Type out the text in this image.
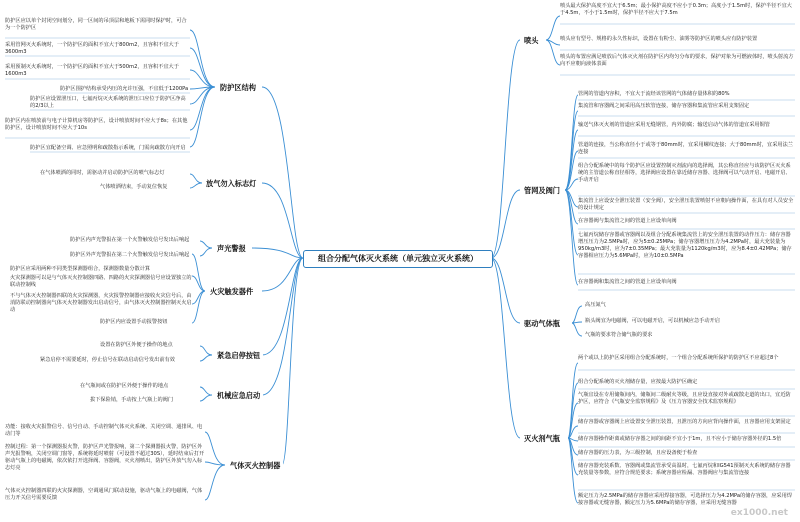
组合分配气体灭火系统（单元独立灭火系统）
防护区结构
防护区应以单个封闭空间划分，同一区间的吊顶层和地板下需同时保护时，可合为一个防护区
采用管网灭火系统时，一个防护区的面积不宜大于800m2，且容积不宜大于3600m3
采用预制灭火系统时，一个防护区的面积不宜大于500m2，且容积不宜大于1600m3
防护区围护结构承受内压的允许压强，不宜低于1200Pa
防护区应设置泄压口，七氟丙烷灭火系统的泄压口应位于防护区净高的2/3以上
防护区内在喷放前与电子计算机房等防护区，设计喷放时间不应大于8s；在其他防护区，设计喷放时间不应大于10s
防护区宜配备空调、应急照明和疏散指示系统，门需向疏散方向开启
放气勿入标志灯
在气体喷洒的同时，需驱动并启动防护区的喷气标志灯
气体喷洒结束，手动复位恢复
声光警报
防护区内声光警报在第一个火警触发信号发出后响起
防护区外声光警报在第二个火警触发信号发出后响起
火灾触发器件
防护区应采用两种不同类型探测器组合，探测器数量分散计算
火灾探测器可以是与气体灭火控制器四路、四路的火灾探测器信号应设置独立的联动控制线
不与气体灭火控制器四联的火灾探测器，火灾报警控制器应接收火灾信号后，由消防联动控制器向气体灭火控制器发出启动信号，由气体灭火控制器控制灭火启动
防护区内应设置手动报警按钮
紧急启停按钮
设置在防护区外便于操作的地点
紧急启停不需要延时，停止信号在联动启动信号发出前有效
机械应急启动
在气瓶间或在防护区外便于操作的地点
拔下保险销，手动按上气瓶上的阀门
气体灭火控制器
功能：接收火灾报警信号、信号自动、手动控制气体灭火系统、关闭空调、通排风、电动门等
控制过程：第一个探测器报火警，防护区声光警报响，第二个探测器报火警，防护区外声光报警响，关闭空调门窗等，系统将延时喷射（可设置不超过30S），延时结束后打开驱动气瓶上的电磁阀，依次依打开选择阀、容器阀，灭火剂喷出，防护区外放气勿入标志灯亮
气体灭火控制器四联的火灾探测器，空调通风门联动设施，驱动气瓶上的电磁阀，气体压力开关信号需要反馈
喷头
喷头最大保护高度不宜大于6.5m；最小保护高度不应小于0.3m；高度小于1.5m时，保护半径不宜大于4.5m，不小于1.5m时，保护半径不应大于7.5m
喷头应有型号、规格的永久性标识，设置在有粉尘、油雾等防护区的喷头应有防护装置
喷头的布置应满足喷放后气体灭火剂在防护区内均匀分布的要求，保护对象为可燃液体时，喷头射流方向不应朝向液体表面
管网及阀门
管网的管道内容积，不宜大于流经该管网的气体储存量体积的80%
集流管和容器阀之间采用高压软管连接，储存容器和集流管应采用支架固定
输送气体灭火剂的管道应采用无缝钢管，内外防腐；输送启动气体的管道宜采用铜管
管道的连接，当公称直径小于或等于80mm时，宜采用螺纹连接；大于80mm时，宜采用法兰连接
组合分配系统中的每个防护区应设置控制灭剂流向的选择阀，其公称直径应与该防护区灭火系统的主管道公称直径相等，选择阀应设置在靠近储存容器、选择阀可以气动开启、电磁开启、手动开启
集流管上应设安全泄压装置（安全阀），安全泄压装置喷射不应朝向操作面，在具有对人员安全的设计规定
在容器阀与集流管之间的管道上应设单向阀
七氟丙烷储存容器或容器阀以及组合分配系统集流管上的安全泄压装置的动作压力：储存容器增压压力为2.5MPa时，应为5±0.25MPa；储存容器增压压力为4.2MPa时，最大充装量为950kg/m3时，应为7±0.35MPa；最大充装量为1120kg/m3时，应为8.4±0.42MPa；储存容器相应压力为5.6MPa时，应为10±0.5MPa
在容器阀和集流管之间的管道上应设单向阀
驱动气体瓶
高压氮气
瓶头阀宜为电磁阀，可以电磁开启，可以机械应急手动开启
气瓶的要求符合储气瓶的要求
灭火剂气瓶
两个或以上防护区采用组合分配系统时，一个组合分配系统所保护的防护区不应超过8个
组合分配系统的灭火剂储存量，应按最大防护区确定
气瓶宜设在专用储瓶间内，储瓶间二级耐火等级，且应设直接对外或疏散走道的出口，宜近防护区，应符合《气瓶安全监察规程》及《压力容器安全技术监察规程》
储存容器或容器阀上应设置安全泄压装置，且泄压的方向应背向操作面，且容器应用支架固定
储存容器操作距离或储存容器之间的间距不宜小于1m，且不应小于储存容器外径的1.5倍
储存容器的压力表，为三级控制，且应设备便于检查
储存容器充装系数、容器阀或集流管承受高温时，七氟丙烷和IG541预制灭火系统的储存容器充装量等参数，应符合规范要求；系统容器应检漏、容器阀应与集流管连接
额定压力为2.5MPa的储存容器应采用焊接容器，可选择压力为4.2MPa的储存容器，应采用焊接容器或无缝容器，额定压力为5.6MPa的储存容器，应采用无缝容器
ex1000.net
